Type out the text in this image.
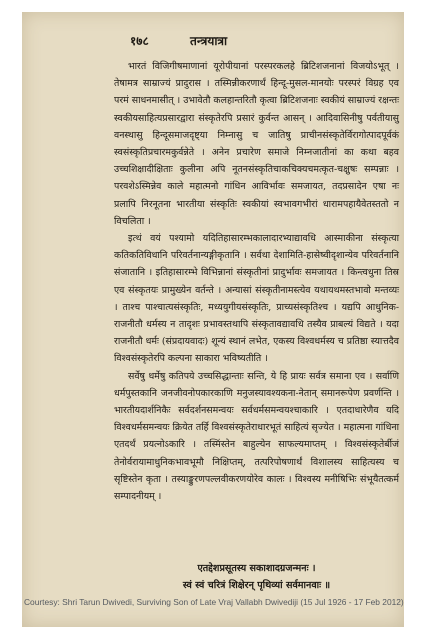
१७८	तन्त्रयात्रा

भारतं विजिगीषमाणानां यूरोपीयानां परस्परकलहे ब्रिटिशजनानां विजयोऽभूत् । तेषामत्र साम्राज्यं प्रादुरास । तस्मिन्नीकरणार्थं हिन्दू-मुसल-मानयोः परस्परं विग्रह एव परमं साधनमासीत् । उभावेतौ कलहान्तरितौ कृत्वा ब्रिटिशजनाः स्वकीयं साम्राज्यं रक्षन्तः स्वकीयसाहित्यप्रसारद्वारा संस्कृतेरपि प्रसारं कुर्वन्त आसन् । आदिवासिनीषु पर्वतीयासु वनस्थासु हिन्दूसमाजदृष्ट्या निम्नासु च जातिषु प्राचीनसंस्कृतेर्विरागोत्पादपूर्वकं स्वसंस्कृतिप्रचारमकुर्वन्नेते । अनेन प्रचारेण समाजे निम्नजातीनां का कथा बहव उच्चशिक्षादीक्षिताः कुलीना अपि नूतनसंस्कृतिचाकचिक्यचमत्कृत-चक्षुषः सम्पन्नाः । परवशेऽस्मिन्नेव काले महात्मनो गांधिन आविर्भावः समजायत, तदप्रसादेन एषा नः प्रलापि निरनूतना भारतीया संस्कृतिः स्वकीयां स्वभावगभीरां धारामपहायैवेतस्ततो न विचलिता ।

इत्थं वयं पश्यामो यदितिहासारम्भकालादारभ्याद्यावधि आस्माकीना संस्कृत्या कतिकतिविधानि परिवर्तनान्यङ्गीकृतानि । सर्वथा देशामिति-हासेष्वीदृशान्येव परिवर्तनानि संजातानि । इतिहासारम्भे विभिन्नानां संस्कृतीनां प्रादुर्भावः समजायत । किन्त्वधुना तिस्र एव संस्कृतयः प्रामुख्येन वर्तन्ते । अन्यासां संस्कृतीनामस्त्येव यथायथमस्तभावो मन्तव्यः । ताश्च पाश्चात्यसंस्कृतिः, मध्ययुगीयसंस्कृतिः, प्राच्यसंस्कृतिश्च । यद्यपि आधुनिक-राजनीतौ धर्मस्य न तादृशः प्रभावस्तथापि संस्कृतावद्यावधि तस्यैव प्राबल्यं विद्यते । यदा राजनीतौ धर्मः (संप्रदायवादः) शून्यं स्थानं लभेत, एकस्य विश्वधर्मस्य च प्रतिष्ठा स्यात्तदैव विश्वसंस्कृतेरपि कल्पना साकारा भविष्यतीति ।

सर्वेषु धर्मेषु कतिपये उच्चसिद्धान्ताः सन्ति, ये हि प्रायः सर्वत्र समाना एव । सर्वाणि धर्मपुस्तकानि जनजीवनोपकारकाणि मनुजस्यावश्यकना-नेतान् समानरूपेण प्रवर्णन्ति । भारतीयदार्शनिकैः सर्वदर्शनसमन्वयः सर्वधर्मसमन्वयश्चाकारि । एतदाधारेणैव यदि विश्वधर्मसमन्वयः क्रियेत तर्हि विश्वसंस्कृतेराधारभूतं साहित्यं सृज्येत । महात्मना गांधिना एतदर्थं प्रयत्नोऽकारि । तस्मिंस्तेन बाहुल्येन साफल्यमाप्तम् । विश्वसंस्कृतेर्बीजं तेनोर्वरायामाधुनिकभावभूमौ निक्षिप्तम्, तत्परिपोषणार्थं विशालस्य साहित्यस्य च सृष्टिस्तेन कृता । तस्याङ्कुरणपल्लवीकरणयोरेव कालः । विश्वस्य मनीषिभिः संभूयैतत्कर्म सम्पादनीयम् ।

एतद्देशप्रसूतस्य सकाशादग्रजन्मनः ।
स्वं स्वं चरित्रं शिक्षेरन् पृथिव्यां सर्वमानवाः ॥
Courtesy: Shri Tarun Dwivedi, Surviving Son of Late Vraj Vallabh Dwivediji (15 Jul 1926 - 17 Feb 2012)
